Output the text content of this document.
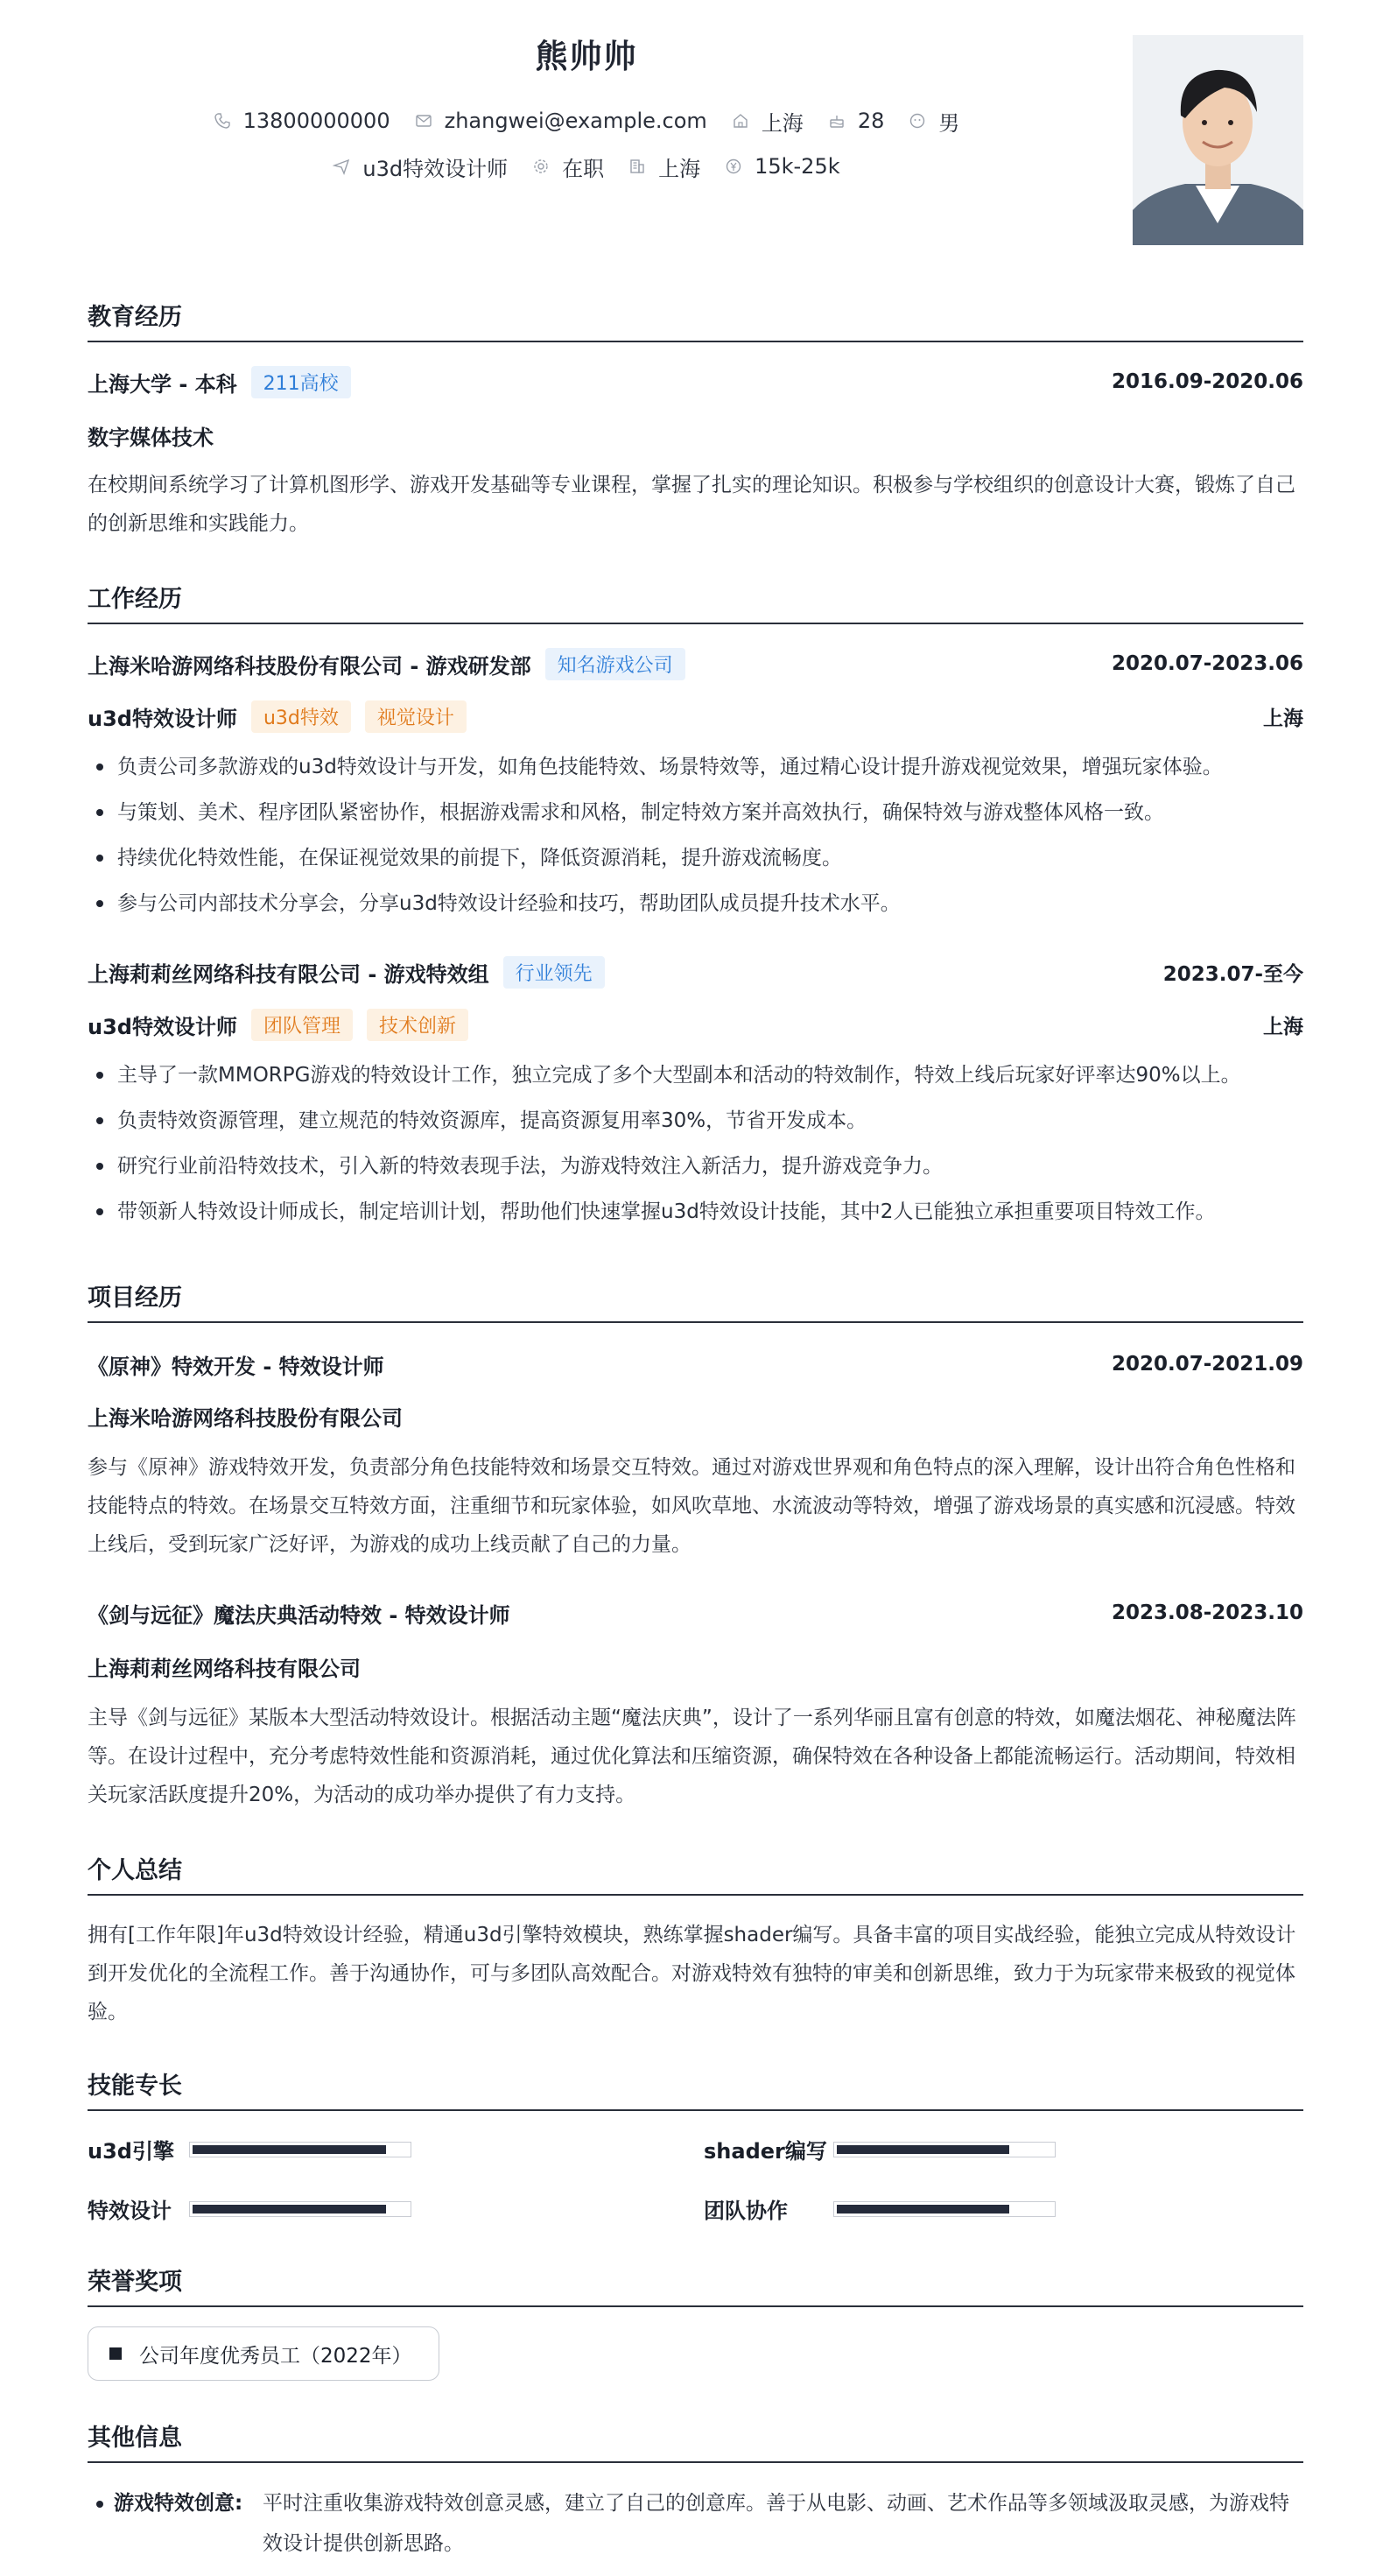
熊帅帅
13800000000	zhangwei@example.com	上海	28	男
u3d特效设计师	在职	上海	15k-25k
教育经历
上海大学 - 本科	211高校	2016.09-2020.06
数字媒体技术
在校期间系统学习了计算机图形学、游戏开发基础等专业课程，掌握了扎实的理论知识。积极参与学校组织的创意设计大赛，锻炼了自己的创新思维和实践能力。
工作经历
上海米哈游网络科技股份有限公司 - 游戏研发部	知名游戏公司	2020.07-2023.06
u3d特效设计师	u3d特效	视觉设计	上海
负责公司多款游戏的u3d特效设计与开发，如角色技能特效、场景特效等，通过精心设计提升游戏视觉效果，增强玩家体验。
与策划、美术、程序团队紧密协作，根据游戏需求和风格，制定特效方案并高效执行，确保特效与游戏整体风格一致。
持续优化特效性能，在保证视觉效果的前提下，降低资源消耗，提升游戏流畅度。
参与公司内部技术分享会，分享u3d特效设计经验和技巧，帮助团队成员提升技术水平。
上海莉莉丝网络科技有限公司 - 游戏特效组	行业领先	2023.07-至今
u3d特效设计师	团队管理	技术创新	上海
主导了一款MMORPG游戏的特效设计工作，独立完成了多个大型副本和活动的特效制作，特效上线后玩家好评率达90%以上。
负责特效资源管理，建立规范的特效资源库，提高资源复用率30%，节省开发成本。
研究行业前沿特效技术，引入新的特效表现手法，为游戏特效注入新活力，提升游戏竞争力。
带领新人特效设计师成长，制定培训计划，帮助他们快速掌握u3d特效设计技能，其中2人已能独立承担重要项目特效工作。
项目经历
《原神》特效开发 - 特效设计师	2020.07-2021.09
上海米哈游网络科技股份有限公司
参与《原神》游戏特效开发，负责部分角色技能特效和场景交互特效。通过对游戏世界观和角色特点的深入理解，设计出符合角色性格和技能特点的特效。在场景交互特效方面，注重细节和玩家体验，如风吹草地、水流波动等特效，增强了游戏场景的真实感和沉浸感。特效上线后，受到玩家广泛好评，为游戏的成功上线贡献了自己的力量。
《剑与远征》魔法庆典活动特效 - 特效设计师	2023.08-2023.10
上海莉莉丝网络科技有限公司
主导《剑与远征》某版本大型活动特效设计。根据活动主题“魔法庆典”，设计了一系列华丽且富有创意的特效，如魔法烟花、神秘魔法阵等。在设计过程中，充分考虑特效性能和资源消耗，通过优化算法和压缩资源，确保特效在各种设备上都能流畅运行。活动期间，特效相关玩家活跃度提升20%，为活动的成功举办提供了有力支持。
个人总结
拥有[工作年限]年u3d特效设计经验，精通u3d引擎特效模块，熟练掌握shader编写。具备丰富的项目实战经验，能独立完成从特效设计到开发优化的全流程工作。善于沟通协作，可与多团队高效配合。对游戏特效有独特的审美和创新思维，致力于为玩家带来极致的视觉体验。
技能专长
u3d引擎	shader编写
特效设计	团队协作
荣誉奖项
公司年度优秀员工（2022年）
其他信息
游戏特效创意: 平时注重收集游戏特效创意灵感，建立了自己的创意库。善于从电影、动画、艺术作品等多领域汲取灵感，为游戏特效设计提供创新思路。
